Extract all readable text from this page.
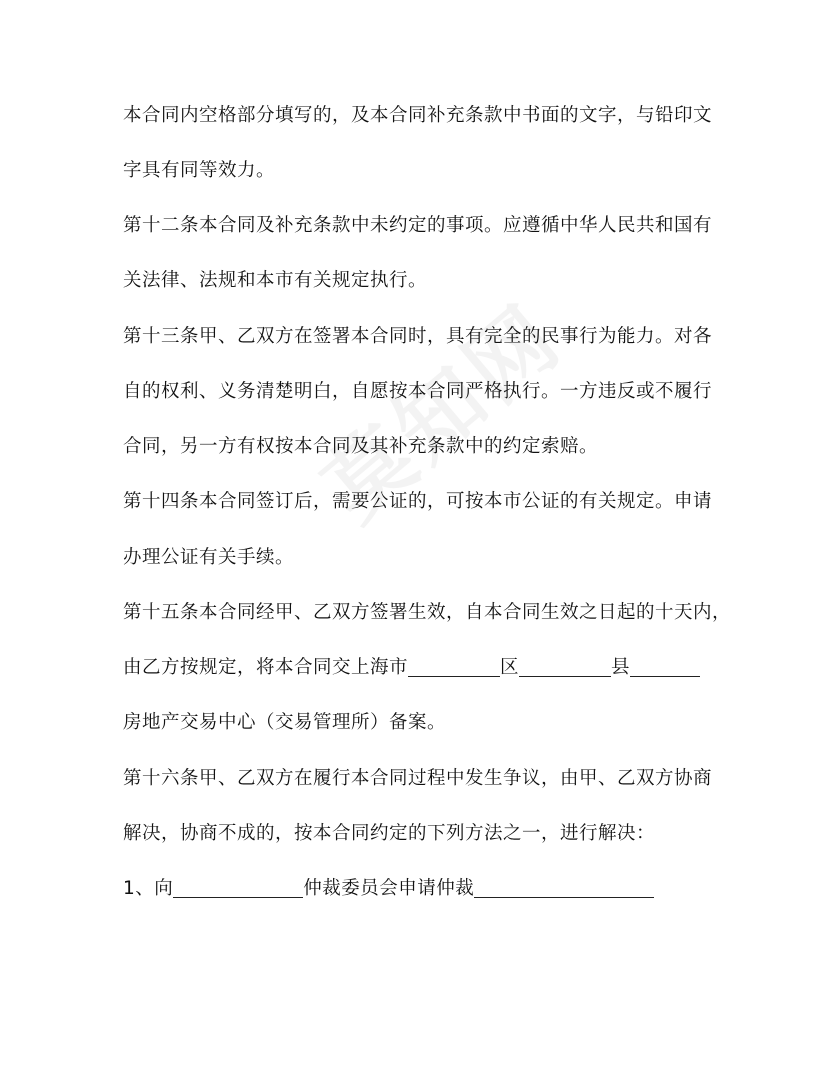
本合同内空格部分填写的，及本合同补充条款中书面的文字，与铅印文
字具有同等效力。
第十二条本合同及补充条款中未约定的事项。应遵循中华人民共和国有
关法律、法规和本市有关规定执行。
第十三条甲、乙双方在签署本合同时，具有完全的民事行为能力。对各
自的权利、义务清楚明白，自愿按本合同严格执行。一方违反或不履行
合同，另一方有权按本合同及其补充条款中的约定索赔。
第十四条本合同签订后，需要公证的，可按本市公证的有关规定。申请
办理公证有关手续。
第十五条本合同经甲、乙双方签署生效，自本合同生效之日起的十天内，
由乙方按规定，将本合同交上海市	区	县
房地产交易中心（交易管理所）备案。
第十六条甲、乙双方在履行本合同过程中发生争议，由甲、乙双方协商
解决，协商不成的，按本合同约定的下列方法之一，进行解决：
1、向	仲裁委员会申请仲裁
